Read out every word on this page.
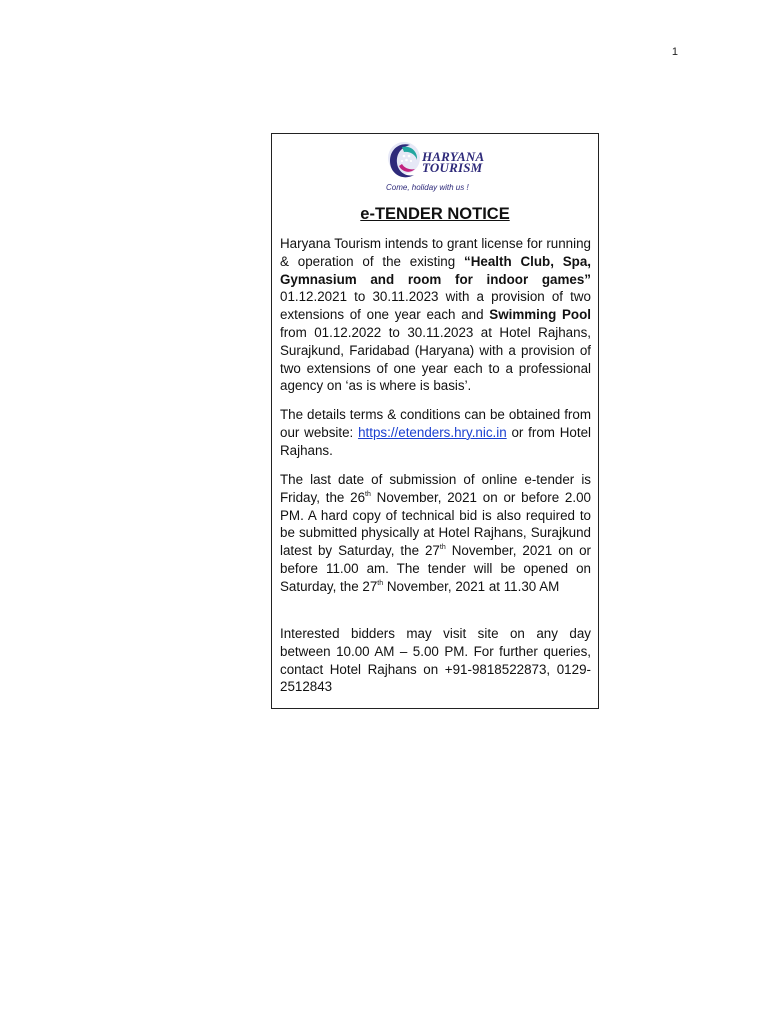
1
HARYANA
TOURISM
Come, holiday with us !
e-TENDER NOTICE
Haryana Tourism intends to grant license for running & operation of the existing “Health Club, Spa, Gymnasium and room for indoor games” 01.12.2021 to 30.11.2023 with a provision of two extensions of one year each and Swimming Pool from 01.12.2022 to 30.11.2023 at Hotel Rajhans, Surajkund, Faridabad (Haryana) with a provision of two extensions of one year each to a professional agency on ‘as is where is basis’.
The details terms & conditions can be obtained from our website: https://etenders.hry.nic.in or from Hotel Rajhans.
The last date of submission of online e-tender is Friday, the 26th November, 2021 on or before 2.00 PM. A hard copy of technical bid is also required to be submitted physically at Hotel Rajhans, Surajkund latest by Saturday, the 27th November, 2021 on or before 11.00 am. The tender will be opened on Saturday, the 27th November, 2021 at 11.30 AM
Interested bidders may visit site on any day between 10.00 AM – 5.00 PM. For further queries, contact Hotel Rajhans on +91-9818522873, 0129- 2512843
